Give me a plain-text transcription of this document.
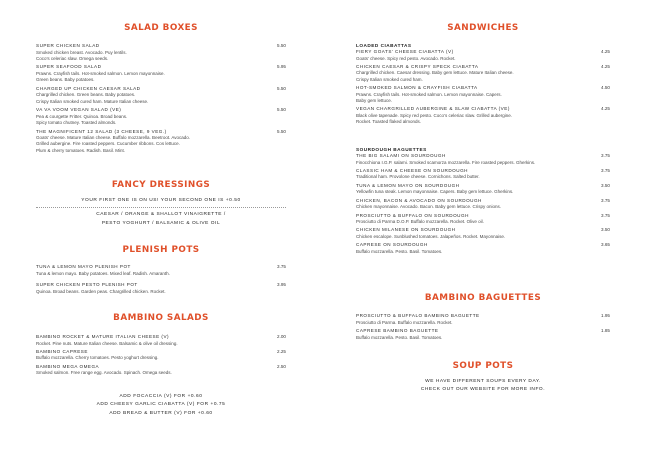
SALAD BOXES
SUPER CHICKEN SALAD	5.50
Smoked chicken breast. Avocado. Puy lentils.
Coco’s celeriac slaw. Omega seeds.
SUPER SEAFOOD SALAD	5.95
Prawns. Crayfish tails. Hot-smoked salmon. Lemon mayonnaise.
Green beans. Baby potatoes.
CHARGED UP CHICKEN CAESAR SALAD	5.50
Chargrilled chicken. Green beans. Baby potatoes.
Crispy Italian smoked cured ham. Mature Italian cheese.
VA VA VOOM VEGAN SALAD (VE)	5.50
Pea & courgette Fritter. Quinoa. Broad beans.
Spicy tomato chutney. Toasted almonds.
THE MAGNIFICENT 12 SALAD (3 CHEESE, 9 VEG.)	5.50
Goats’ cheese. Mature Italian cheese. Buffalo mozzarella. Beetroot. Avocado.
Grilled aubergine. Fire roasted peppers. Cucumber ribbons. Cos lettuce.
Plum & cherry tomatoes. Radish. Basil. Mint.
FANCY DRESSINGS
YOUR FIRST ONE IS ON US! YOUR SECOND ONE IS +0.50
CAESAR / ORANGE & SHALLOT VINAIGRETTE /
PESTO YOGHURT / BALSAMIC & OLIVE OIL
PLENISH POTS
TUNA & LEMON MAYO PLENISH POT	3.75
Tuna & lemon mayo. Baby potatoes. Mixed leaf. Radish. Amaranth.
SUPER CHICKEN PESTO PLENISH POT	3.95
Quinoa. Broad beans. Garden peas. Chargrilled chicken. Rocket.
BAMBINO SALADS
BAMBINO ROCKET & MATURE ITALIAN CHEESE (V)	2.00
Rocket. Pine nuts. Mature Italian cheese. Balsamic & olive oil dressing.
BAMBINO CAPRESE	2.25
Buffalo mozzarella. Cherry tomatoes. Pesto yoghurt dressing.
BAMBINO MEGA OMEGA	2.50
Smoked salmon. Free range egg. Avocado. Spinach. Omega seeds.
ADD FOCACCIA (V) FOR +0.60
ADD CHEESY GARLIC CIABATTA (V) FOR +0.75
ADD BREAD & BUTTER (V) FOR +0.60
SANDWICHES
LOADED CIABATTAS
FIERY GOATS’ CHEESE CIABATTA (V)	4.25
Goats’ cheese. Spicy red pesto. Avocado. Rocket.
CHICKEN CAESAR & CRISPY SPECK CIABATTA	4.25
Chargrilled chicken. Caesar dressing. Baby gem lettuce. Mature Italian cheese.
Crispy Italian smoked cured ham.
HOT-SMOKED SALMON & CRAYFISH CIABATTA	4.50
Prawns. Crayfish tails. Hot-smoked salmon. Lemon mayonnaise. Capers.
Baby gem lettuce.
VEGAN CHARGRILLED AUBERGINE & SLAW CIABATTA (VE)	4.25
Black olive tapenade. Spicy red pesto. Coco’s celeriac slaw. Grilled aubergine.
Rocket. Toasted flaked almonds.
SOURDOUGH BAGUETTES
THE BIG SALAMI ON SOURDOUGH	3.75
Finocchiona I.G.P. salami. Smoked scamorza mozzarella. Fire roasted peppers. Gherkins.
CLASSIC HAM & CHEESE ON SOURDOUGH	3.75
Traditional ham. Provolone cheese. Cornichons. Salted butter.
TUNA & LEMON MAYO ON SOURDOUGH	3.50
Yellowfin tuna steak. Lemon mayonnaise. Capers. Baby gem lettuce. Gherkins.
CHICKEN, BACON & AVOCADO ON SOURDOUGH	3.75
Chicken mayonnaise. Avocado. Bacon. Baby gem lettuce. Crispy onions.
PROSCIUTTO & BUFFALO ON SOURDOUGH	3.75
Prosciutto di Parma D.O.P. Buffalo mozzarella. Rocket. Olive oil.
CHICKEN MILANESE ON SOURDOUGH	3.50
Chicken escalope. Sunblushed tomatoes. Jalapeños. Rocket. Mayonnaise.
CAPRESE ON SOURDOUGH	3.65
Buffalo mozzarella. Pesto. Basil. Tomatoes.
BAMBINO BAGUETTES
PROSCIUTTO & BUFFALO BAMBINO BAGUETTE	1.95
Prosciutto di Parma. Buffalo mozzarella. Rocket.
CAPRESE BAMBINO BAGUETTE	1.85
Buffalo mozzarella. Pesto. Basil. Tomatoes.
SOUP POTS
WE HAVE DIFFERENT SOUPS EVERY DAY.
CHECK OUT OUR WEBSITE FOR MORE INFO.
